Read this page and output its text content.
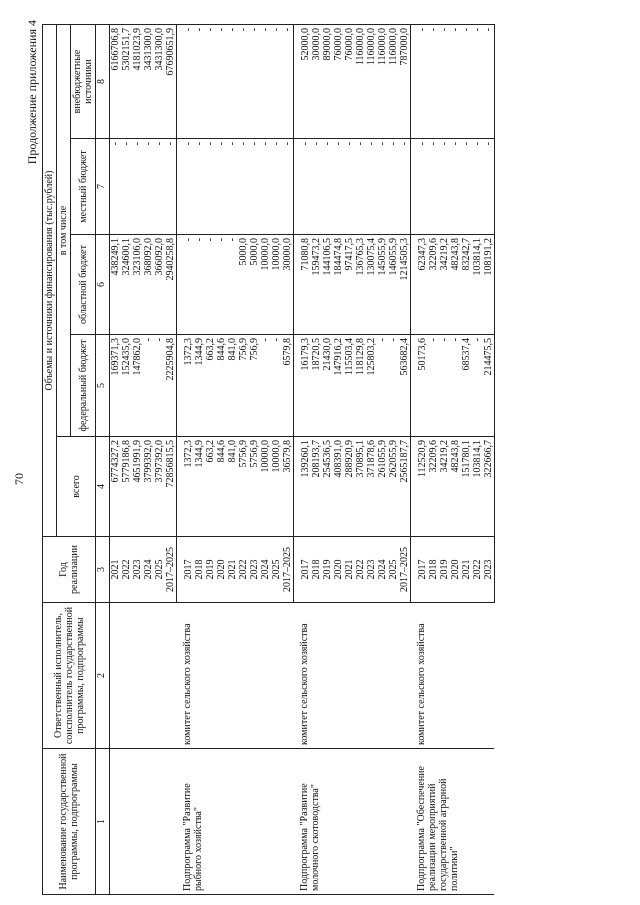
70
Продолжение приложения 4
Наименование государственной программы, подпрограммы	Ответственный исполнитель, соисполнитель государственной программы, подпрограммы	Год реализации	Объемы и источники финансирования (тыс.рублей)				
			всего	в том числе			
				федеральный бюджет	областной бюджет	местный бюджет	внебюджетные источники
1	2	3	4	5	6	7	8
		2021	6774327,2	169371,3	438249,1	-	6166706,8
		2022	5779186,8	152435,0	324600,1	-	5302151,7
		2023	4651991,9	147862,0	323106,0	-	4181023,9
		2024	3799392,0	-	368092,0	-	3431300,0
		2025	3797392,0	-	366092,0	-	3431300,0
		2017–2025	72856815,5	2225904,8	2940258,8	-	67690651,9
Подпрограмма "Развитие рыбного хозяйства"	комитет сельского хозяйства	2017	1372,3	1372,3	-	-	-
		2018	1344,9	1344,9	-	-	-
		2019	663,2	663,2	-	-	-
		2020	844,6	844,6	-	-	-
		2021	841,0	841,0	-	-	-
		2022	5756,9	756,9	5000,0	-	-
		2023	5756,9	756,9	5000,0	-	-
		2024	10000,0	-	10000,0	-	-
		2025	10000,0	-	10000,0	-	-
		2017–2025	36579,8	6579,8	30000,0	-	-
Подпрограмма "Развитие молочного скотоводства"	комитет сельского хозяйства	2017	139260,1	16179,3	71080,8	-	52000,0
		2018	208193,7	18720,5	159473,2	-	30000,0
		2019	254536,5	21430,0	144106,5	-	89000,0
		2020	408391,0	147916,2	184474,8	-	76000,0
		2021	288920,9	115503,4	97417,5	-	76000,0
		2022	370895,1	118129,8	136765,3	-	116000,0
		2023	371878,6	125803,2	130075,4	-	116000,0
		2024	261055,9	-	145055,9	-	116000,0
		2025	262055,9	-	146055,9	-	116000,0
		2017–2025	2565187,7	563682,4	1214505,3	-	787000,0
Подпрограмма "Обеспечение реализации мероприятий государственной аграрной политики"	комитет сельского хозяйства	2017	112520,9	50173,6	62347,3	-	-
		2018	32209,6	-	32209,6	-	-
		2019	34219,2	-	34219,2	-	-
		2020	48243,8	-	48243,8	-	-
		2021	151780,1	68537,4	83242,7	-	-
		2022	103814,1	-	103814,1	-	-
		2023	322666,7	214475,5	108191,2	-	-
